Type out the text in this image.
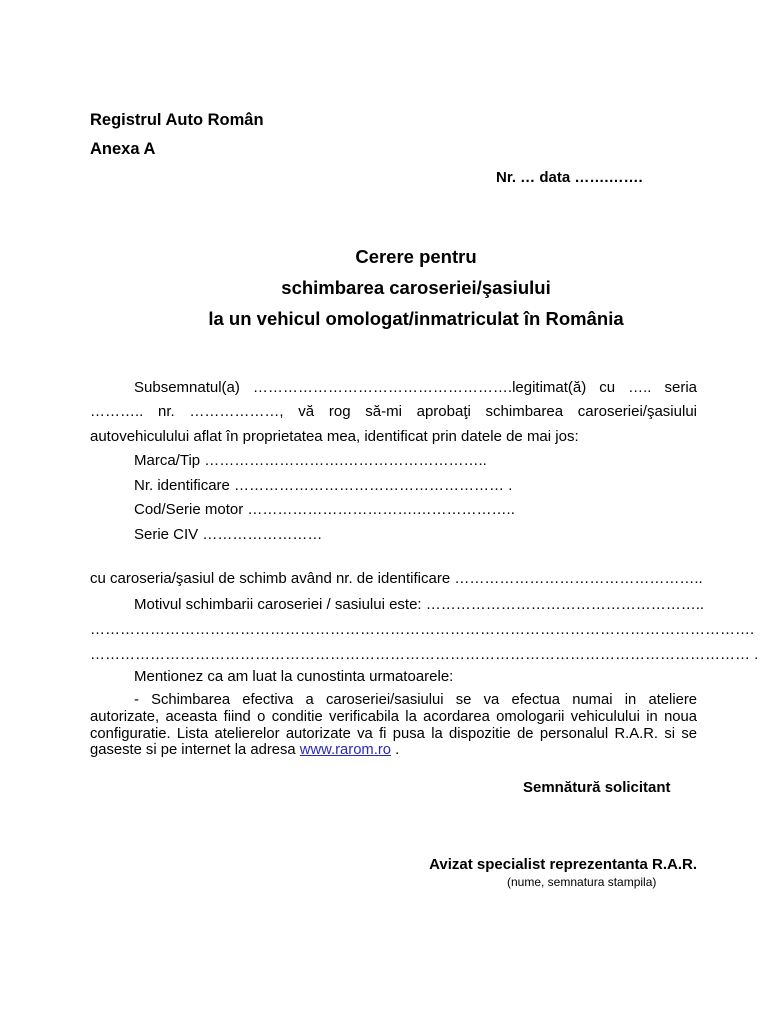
Registrul Auto Român
Anexa A
Nr. … data …….…….
Cerere pentru
schimbarea caroseriei/şasiului
la un vehicul omologat/inmatriculat în România
Subsemnatul(a) …………………………………………….legitimat(ă) cu ….. seria
……….. nr. ………………, vă rog să-mi aprobaţi schimbarea caroseriei/şasiului
autovehiculului aflat în proprietatea mea, identificat prin datele de mai jos:
Marca/Tip ……………………….………………………..
Nr. identificare ……………………………………………… .
Cod/Serie motor …………………………….………………..
Serie CIV ……………………
cu caroseria/şasiul de schimb având nr. de identificare …………………………………………..
Motivul schimbarii caroseriei / sasiului este: ………………………………………………..
…………………………………………………………………………………………………………………….
…………………………………………………………………………………………………………………… .
Mentionez ca am luat la cunostinta urmatoarele:
- Schimbarea efectiva a caroseriei/sasiului se va efectua numai in ateliere
autorizate, aceasta fiind o conditie verificabila la acordarea omologarii vehiculului in noua
configuratie. Lista atelierelor autorizate va fi pusa la dispozitie de personalul R.A.R. si se
gaseste si pe internet la adresa www.rarom.ro .
Semnătură solicitant
Avizat specialist reprezentanta R.A.R.
(nume, semnatura stampila)
